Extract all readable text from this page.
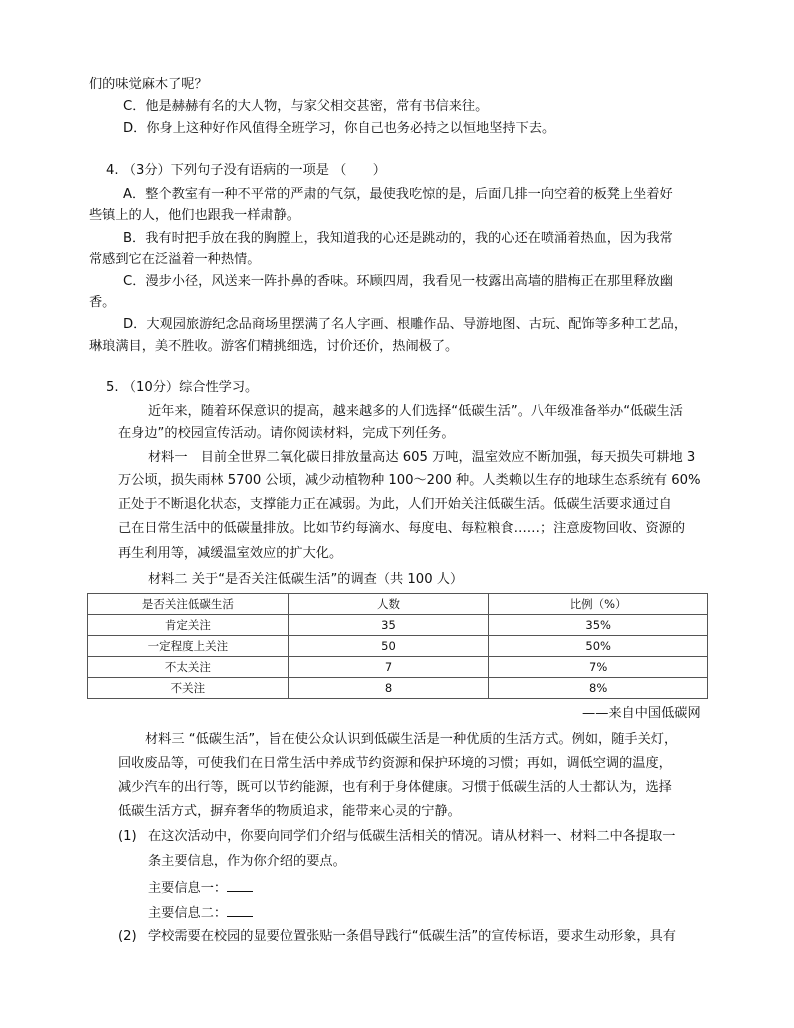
们的味觉麻木了呢？
C．他是赫赫有名的大人物，与家父相交甚密，常有书信来往。
D．你身上这种好作风值得全班学习，你自己也务必持之以恒地坚持下去。
4. （3分）下列句子没有语病的一项是 （　　）
A．整个教室有一种不平常的严肃的气氛，最使我吃惊的是，后面几排一向空着的板凳上坐着好
些镇上的人，他们也跟我一样肃静。
B．我有时把手放在我的胸膛上，我知道我的心还是跳动的，我的心还在喷涌着热血，因为我常
常感到它在泛溢着一种热情。
C．漫步小径，风送来一阵扑鼻的香味。环顾四周，我看见一枝露出高墙的腊梅正在那里释放幽
香。
D．大观园旅游纪念品商场里摆满了名人字画、根雕作品、导游地图、古玩、配饰等多种工艺品，
琳琅满目，美不胜收。游客们精挑细选，讨价还价，热闹极了。
5. （10分）综合性学习。
近年来，随着环保意识的提高，越来越多的人们选择“低碳生活”。八年级准备举办“低碳生活
在身边”的校园宣传活动。请你阅读材料，完成下列任务。
材料一　目前全世界二氧化碳日排放量高达 605 万吨，温室效应不断加强，每天损失可耕地 3
万公顷，损失雨林 5700 公顷，减少动植物种 100～200 种。人类赖以生存的地球生态系统有 60%
正处于不断退化状态，支撑能力正在减弱。为此，人们开始关注低碳生活。低碳生活要求通过自
己在日常生活中的低碳量排放。比如节约每滴水、每度电、每粒粮食……；注意废物回收、资源的
再生利用等，减缓温室效应的扩大化。
材料二 关于“是否关注低碳生活”的调查（共 100 人）
是否关注低碳生活	人数	比例（%）
肯定关注	35	35%
一定程度上关注	50	50%
不太关注	7	7%
不关注	8	8%
——来自中国低碳网
材料三 “低碳生活”，旨在使公众认识到低碳生活是一种优质的生活方式。例如，随手关灯，
回收废品等，可使我们在日常生活中养成节约资源和保护环境的习惯；再如，调低空调的温度，
减少汽车的出行等，既可以节约能源，也有利于身体健康。习惯于低碳生活的人士都认为，选择
低碳生活方式，摒弃奢华的物质追求，能带来心灵的宁静。
(1) 在这次活动中，你要向同学们介绍与低碳生活相关的情况。请从材料一、材料二中各提取一
条主要信息，作为你介绍的要点。
主要信息一：
主要信息二：
(2) 学校需要在校园的显要位置张贴一条倡导践行“低碳生活”的宣传标语，要求生动形象，具有
